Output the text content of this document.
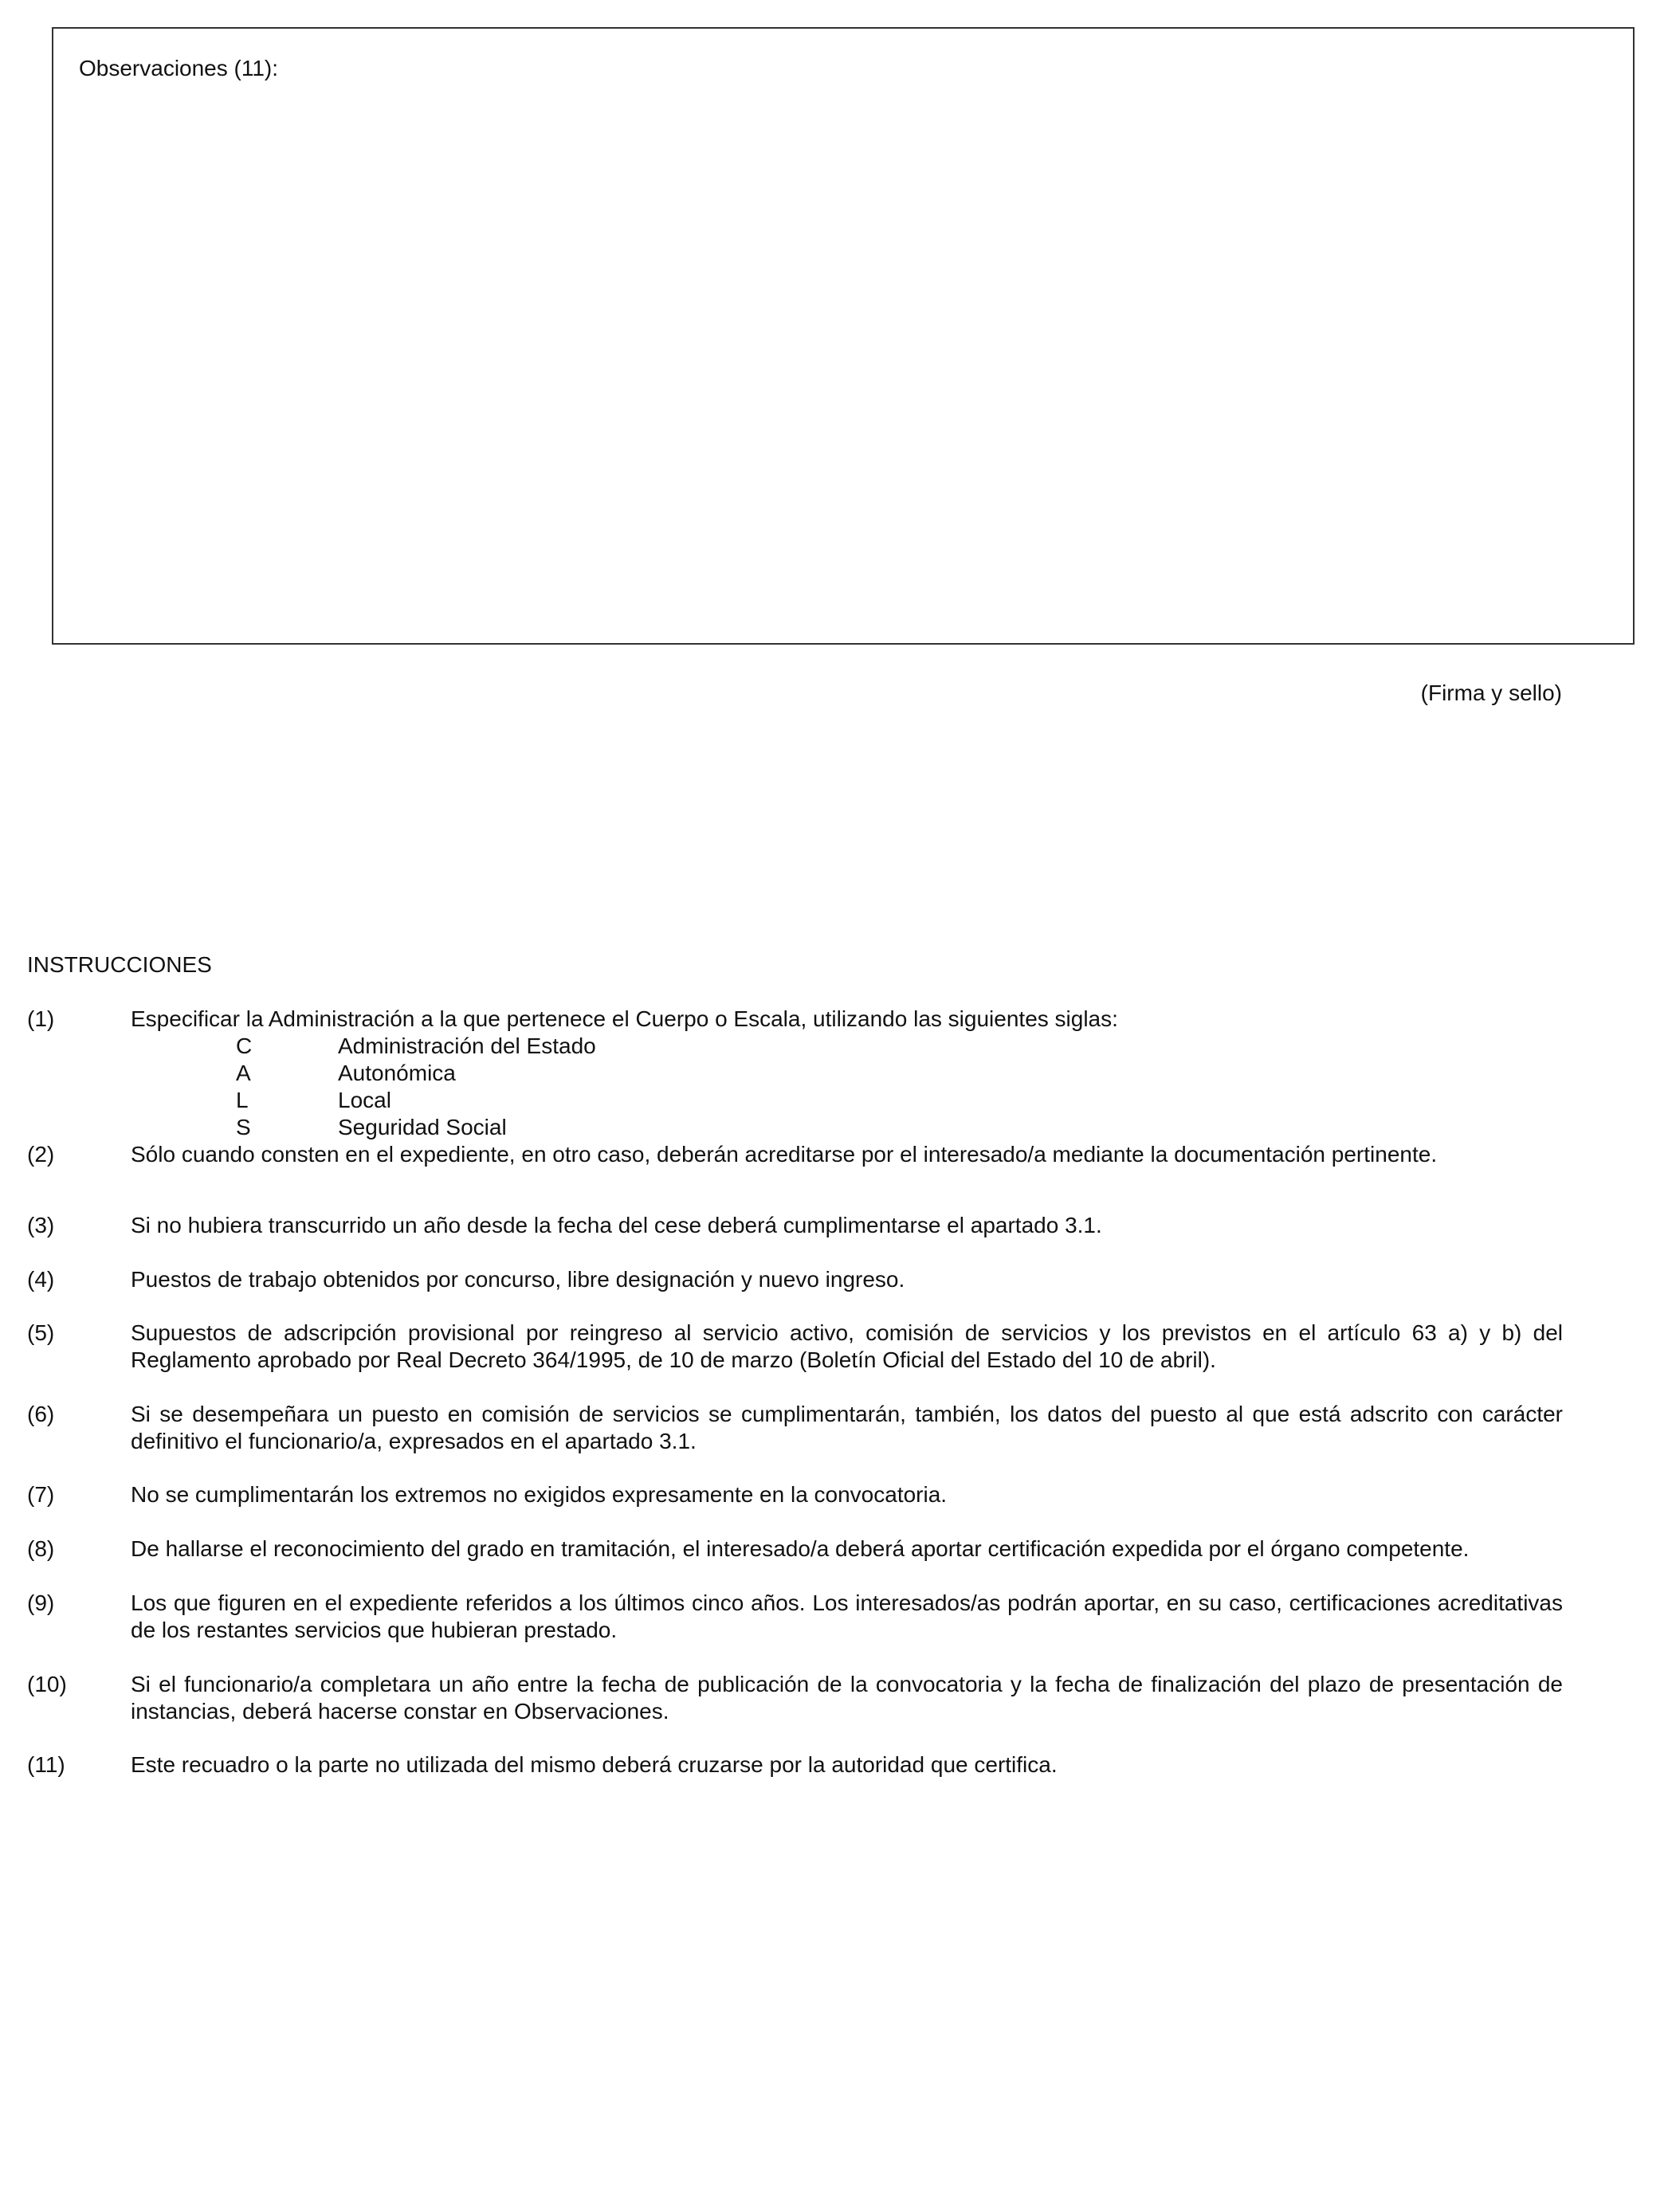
Observaciones (11):
(Firma y sello)
INSTRUCCIONES
(1)	Especificar la Administración a la que pertenece el Cuerpo o Escala, utilizando las siguientes siglas:
C	Administración del Estado
A	Autonómica
L	Local
S	Seguridad Social
(2)	Sólo cuando consten en el expediente, en otro caso, deberán acreditarse por el interesado/a mediante la documentación pertinente.
(3)	Si no hubiera transcurrido un año desde la fecha del cese deberá cumplimentarse el apartado 3.1.
(4)	Puestos de trabajo obtenidos por concurso, libre designación y nuevo ingreso.
(5)	Supuestos de adscripción provisional por reingreso al servicio activo, comisión de servicios y los previstos en el artículo 63 a) y b) del Reglamento aprobado por Real Decreto 364/1995, de 10 de marzo (Boletín Oficial del Estado del 10 de abril).
(6)	Si se desempeñara un puesto en comisión de servicios se cumplimentarán, también, los datos del puesto al que está adscrito con carácter definitivo el funcionario/a, expresados en el apartado 3.1.
(7)	No se cumplimentarán los extremos no exigidos expresamente en la convocatoria.
(8)	De hallarse el reconocimiento del grado en tramitación, el interesado/a deberá aportar certificación expedida por el órgano competente.
(9)	Los que figuren en el expediente referidos a los últimos cinco años. Los interesados/as podrán aportar, en su caso, certificaciones acreditativas de los restantes servicios que hubieran prestado.
(10)	Si el funcionario/a completara un año entre la fecha de publicación de la convocatoria y la fecha de finalización del plazo de presentación de instancias, deberá hacerse constar en Observaciones.
(11)	Este recuadro o la parte no utilizada del mismo deberá cruzarse por la autoridad que certifica.
